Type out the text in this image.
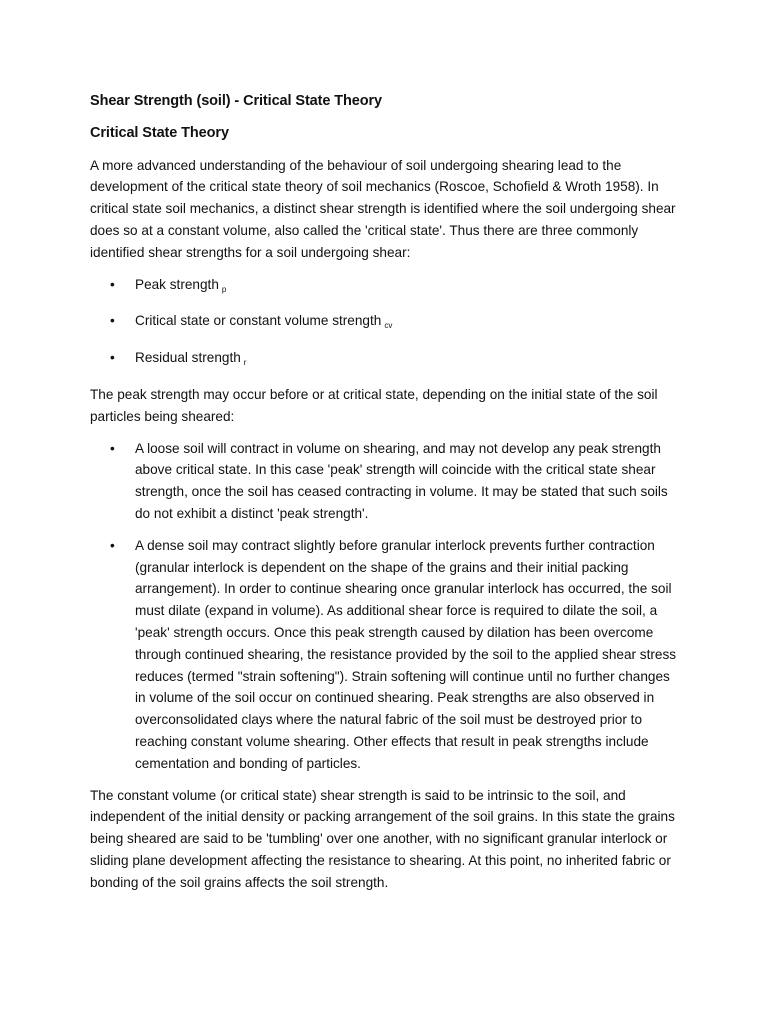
Shear Strength (soil) - Critical State Theory
Critical State Theory

A more advanced understanding of the behaviour of soil undergoing shearing lead to the development of the critical state theory of soil mechanics (Roscoe, Schofield & Wroth 1958). In critical state soil mechanics, a distinct shear strength is identified where the soil undergoing shear does so at a constant volume, also called the 'critical state'. Thus there are three commonly identified shear strengths for a soil undergoing shear:

• Peak strength $_p$
• Critical state or constant volume strength $_{cv}$
• Residual strength $_r$

The peak strength may occur before or at critical state, depending on the initial state of the soil particles being sheared:

• A loose soil will contract in volume on shearing, and may not develop any peak strength above critical state. In this case 'peak' strength will coincide with the critical state shear strength, once the soil has ceased contracting in volume. It may be stated that such soils do not exhibit a distinct 'peak strength'.
• A dense soil may contract slightly before granular interlock prevents further contraction (granular interlock is dependent on the shape of the grains and their initial packing arrangement). In order to continue shearing once granular interlock has occurred, the soil must dilate (expand in volume). As additional shear force is required to dilate the soil, a 'peak' strength occurs. Once this peak strength caused by dilation has been overcome through continued shearing, the resistance provided by the soil to the applied shear stress reduces (termed "strain softening"). Strain softening will continue until no further changes in volume of the soil occur on continued shearing. Peak strengths are also observed in overconsolidated clays where the natural fabric of the soil must be destroyed prior to reaching constant volume shearing. Other effects that result in peak strengths include cementation and bonding of particles.

The constant volume (or critical state) shear strength is said to be intrinsic to the soil, and independent of the initial density or packing arrangement of the soil grains. In this state the grains being sheared are said to be 'tumbling' over one another, with no significant granular interlock or sliding plane development affecting the resistance to shearing. At this point, no inherited fabric or bonding of the soil grains affects the soil strength.
